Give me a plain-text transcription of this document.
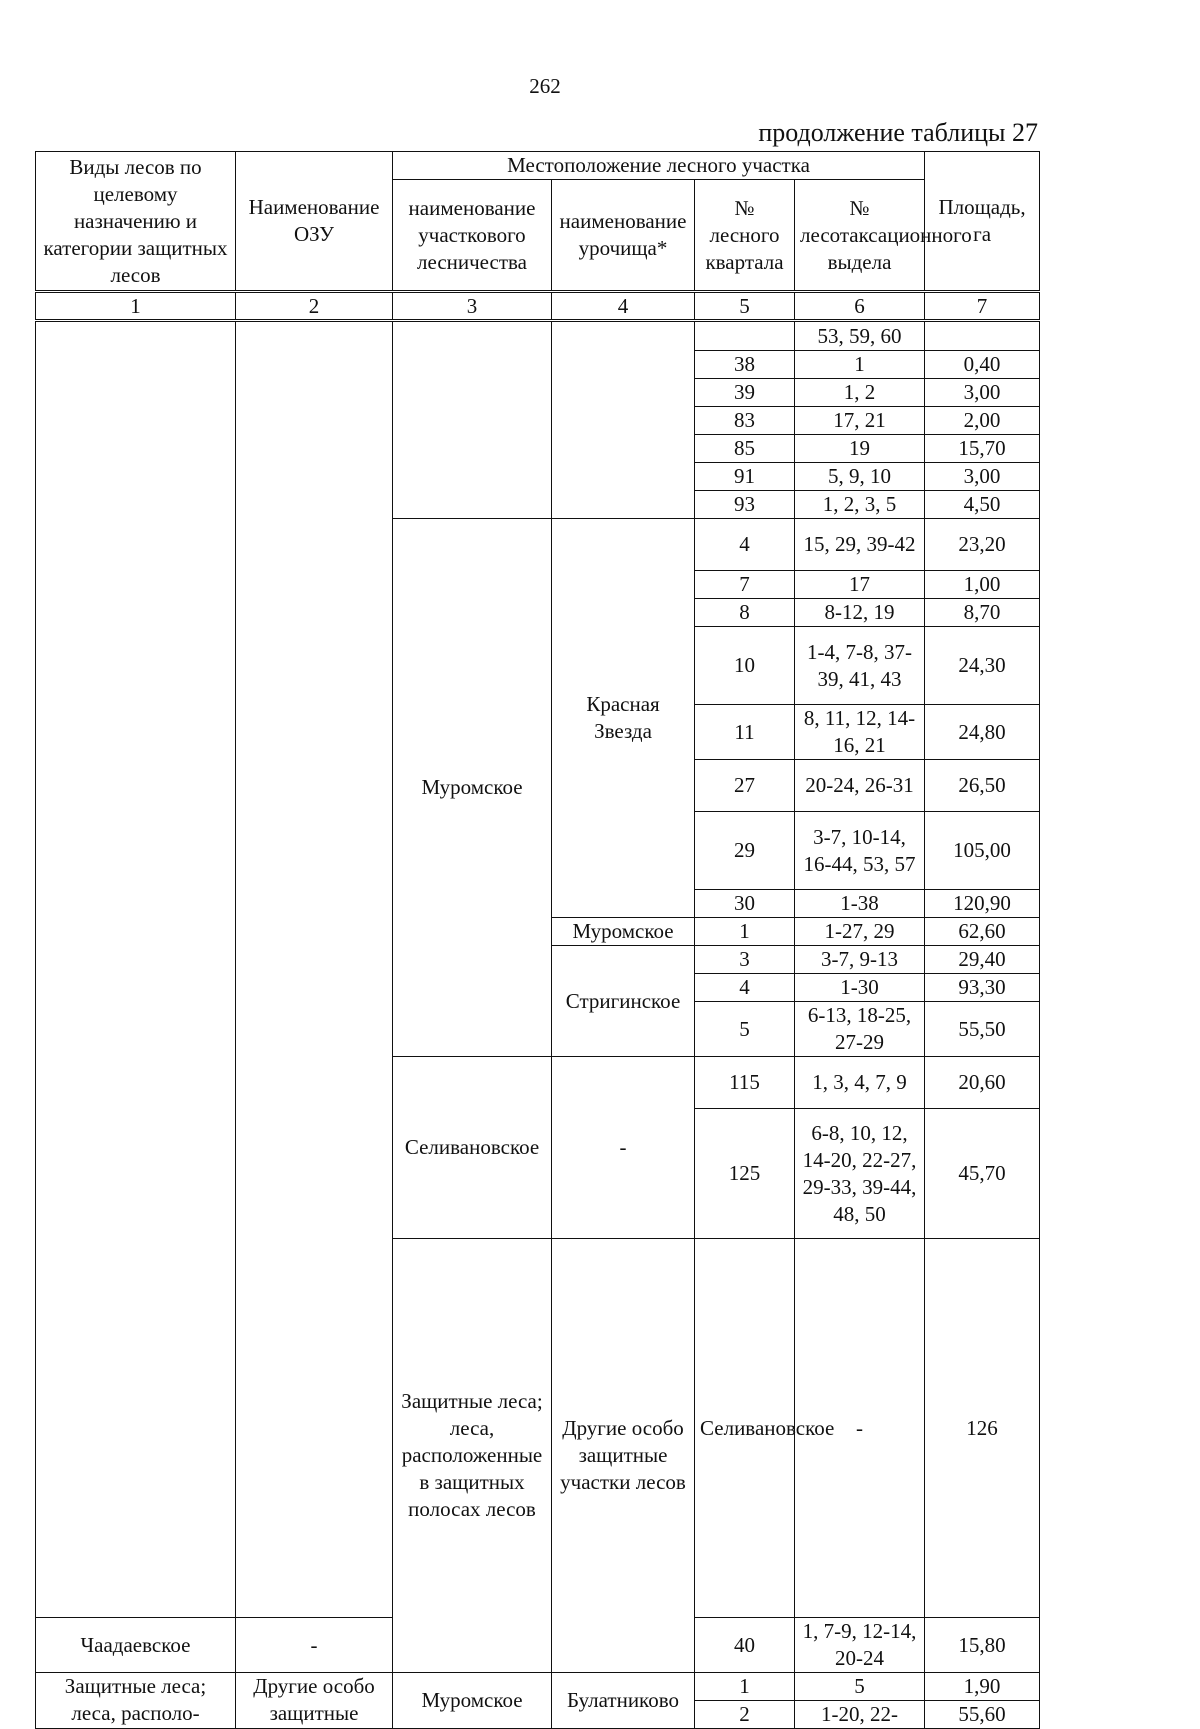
262
продолжение таблицы 27
Виды лесов по целевому назначению и категории защитных лесов	Наименование ОЗУ	Местоположение лесного участка				Площадь, га	
		наименование участкового лесничества	наименование урочища*	№ лесного квартала	№ лесотаксационного выдела		
1	2	3	4	5	6	7	
					53, 59, 60		
				38	1	0,40	
				39	1, 2	3,00	
				83	17, 21	2,00	
				85	19	15,70	
				91	5, 9, 10	3,00	
				93	1, 2, 3, 5	4,50	
		Муромское	Красная Звезда	4	15, 29, 39-42	23,20	
				7	17	1,00	
				8	8-12, 19	8,70	
				10	1-4, 7-8, 37-39, 41, 43	24,30	
				11	8, 11, 12, 14-16, 21	24,80	
				27	20-24, 26-31	26,50	
				29	3-7, 10-14, 16-44, 53, 57	105,00	
				30	1-38	120,90	
			Муромское	1	1-27, 29	62,60	
			Стригинское	3	3-7, 9-13	29,40	
				4	1-30	93,30	
				5	6-13, 18-25, 27-29	55,50	
		Селивановское	-	115	1, 3, 4, 7, 9	20,60	
				125	6-8, 10, 12, 14-20, 22-27, 29-33, 39-44, 48, 50	45,70	
		Защитные леса; леса, расположенные в защитных полосах лесов	Другие особо защитные участки лесов	Селивановское	-	126		
Чаадаевское	-			40	1, 7-9, 12-14, 20-24	15,80	
Защитные леса; леса, располо-	Другие особо защитные	Муромское	Булатниково	1	5	1,90	
				2	1-20, 22-	55,60	
